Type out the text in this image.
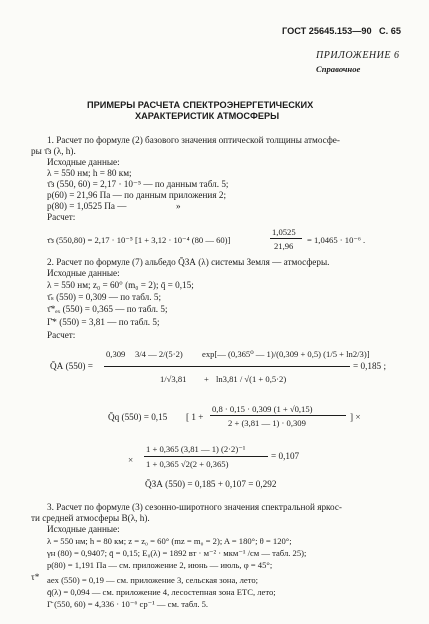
ГОСТ 25645.153—90 С. 65
ПРИЛОЖЕНИЕ 6
Справочное
ПРИМЕРЫ РАСЧЕТА СПЕКТРОЭНЕРГЕТИЧЕСКИХ
ХАРАКТЕРИСТИК АТМОСФЕРЫ
1. Расчет по формуле (2) базового значения оптической толщины атмосфе-
ры τ̄з (λ, h).
Исходные данные:
λ = 550 нм; h = 80 км;
τ̄з (550, 60) = 2,17 · 10⁻⁵ — по данным табл. 5;
p(60) = 21,96 Па — по данным приложения 2;
p(80) = 1,0525 Па —	»
Расчет:
τ̄з (550,80) = 2,17 · 10⁻⁵ [1 + 3,12 · 10⁻⁴ (80 — 60)]
1,0525
21,96
= 1,0465 · 10⁻⁶ .
2. Расчет по формуле (7) альбедо Q̄ЗА (λ) системы Земля — атмосферы.
Исходные данные:
λ = 550 нм; z₀ = 60° (m₀ = 2); q̄ = 0,15;
τ̄ₛ (550) = 0,309 — по табл. 5;
τ̄*ₑₓ (550) = 0,365 — по табл. 5;
Γ̄* (550) = 3,81 — по табл. 5;
Расчет:
Q̄А (550) =
0,309 3/4 — 2/(5·2) exp[— (0,365⁰ — 1)/(0,309 + 0,5) (1/5 + ln2/3)]
1/√3,81 + ln3,81 / √(1 + 0,5·2)
= 0,185 ;
Q̄q (550) = 0,15 [ 1 +
0,8 · 0,15 · 0,309 (1 + √0,15)
2 + (3,81 — 1) · 0,309
] ×
×
1 + 0,365 (3,81 — 1) (2·2)⁻¹
1 + 0,365 √2(2 + 0,365)
= 0,107
Q̄ЗА (550) = 0,185 + 0,107 = 0,292
3. Расчет по формуле (3) сезонно-широтного значения спектральной яркос-
ти средней атмосферы B(λ, h).
Исходные данные:
λ = 550 нм; h = 80 км; z = z₀ = 60° (mz = m₀ = 2); A = 180°; θ = 120°;
γн (80) = 0,9407; q̄ = 0,15; E₀(λ) = 1892 вт · м⁻² · мкм⁻¹ /см — табл. 25);
p(80) = 1,191 Па — см. приложение 2, июнь — июль, φ = 45°;
τ* aex (550) = 0,19 — см. приложение 3, сельская зона, лето;
q̄(λ) = 0,094 — см. приложение 4, лесостепная зона ЕТС, лето;
Γ̄ (550, 60) = 4,336 · 10⁻⁶ ср⁻¹ — см. табл. 5.
